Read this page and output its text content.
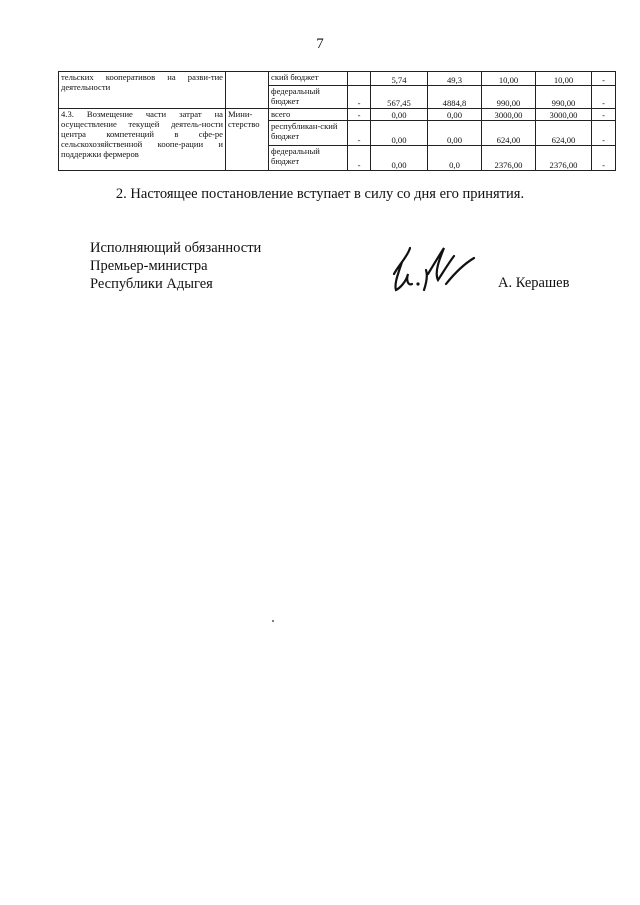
7
тельских кооперативов на разви-тие деятельности		ский бюджет		5,74	49,3	10,00	10,00	-
		федеральный бюджет	-	567,45	4884,8	990,00	990,00	-
4.3. Возмещение части затрат на осуществление текущей деятель-ности центра компетенций в сфе-ре сельскохозяйственной коопе-рации и поддержки фермеров	Мини-стерство	всего	-	0,00	0,00	3000,00	3000,00	-
		республикан-ский бюджет	-	0,00	0,00	624,00	624,00	-
		федеральный бюджет	-	0,00	0,0	2376,00	2376,00	-
2. Настоящее постановление вступает в силу со дня его принятия.
Исполняющий обязанности
Премьер-министра
Республики Адыгея	А. Керашев
